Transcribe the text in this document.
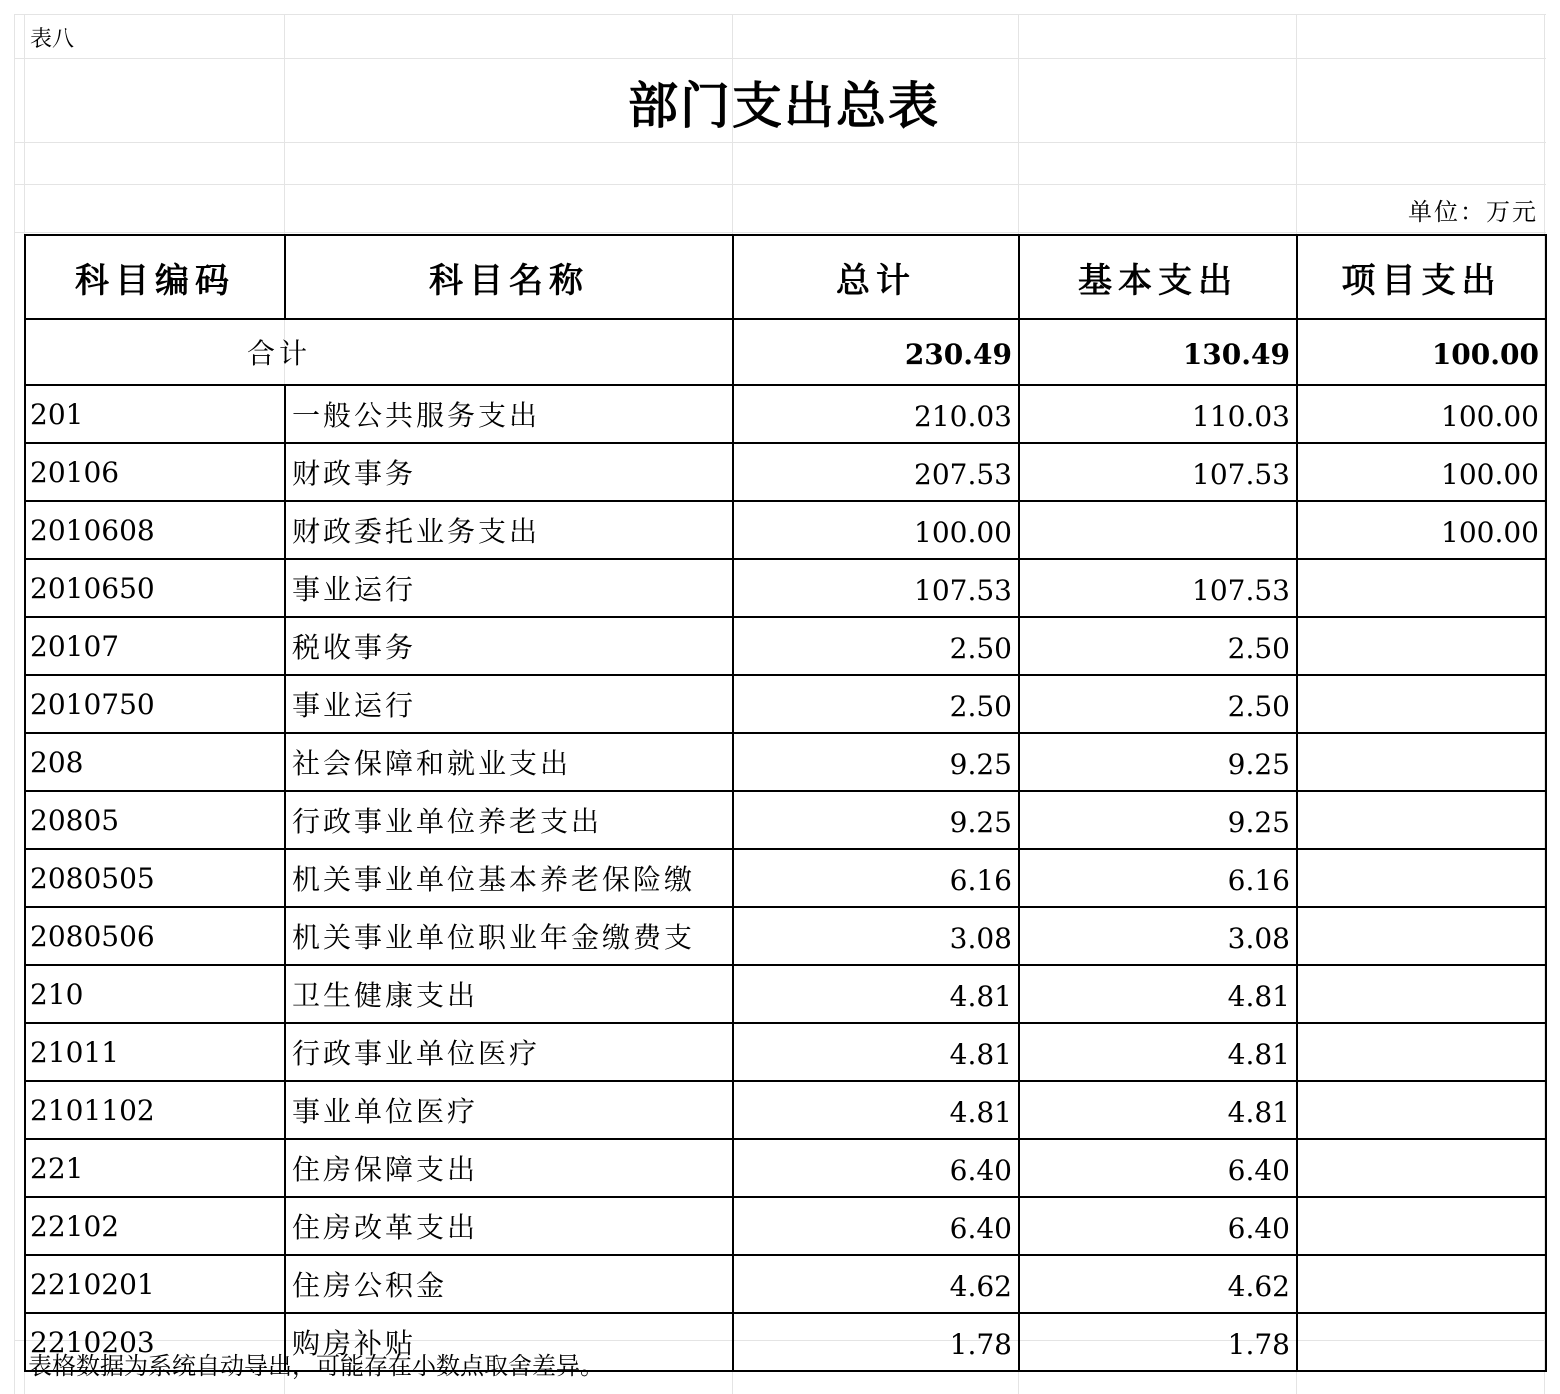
表八
部门支出总表
单位：万元
科目编码	科目名称	总计	基本支出	项目支出
合计		230.49	130.49	100.00
201	一般公共服务支出	210.03	110.03	100.00
20106	财政事务	207.53	107.53	100.00
2010608	财政委托业务支出	100.00		100.00
2010650	事业运行	107.53	107.53	
20107	税收事务	2.50	2.50	
2010750	事业运行	2.50	2.50	
208	社会保障和就业支出	9.25	9.25	
20805	行政事业单位养老支出	9.25	9.25	
2080505	机关事业单位基本养老保险缴	6.16	6.16	
2080506	机关事业单位职业年金缴费支	3.08	3.08	
210	卫生健康支出	4.81	4.81	
21011	行政事业单位医疗	4.81	4.81	
2101102	事业单位医疗	4.81	4.81	
221	住房保障支出	6.40	6.40	
22102	住房改革支出	6.40	6.40	
2210201	住房公积金	4.62	4.62	
2210203	购房补贴	1.78	1.78	
表格数据为系统自动导出，可能存在小数点取舍差异。
